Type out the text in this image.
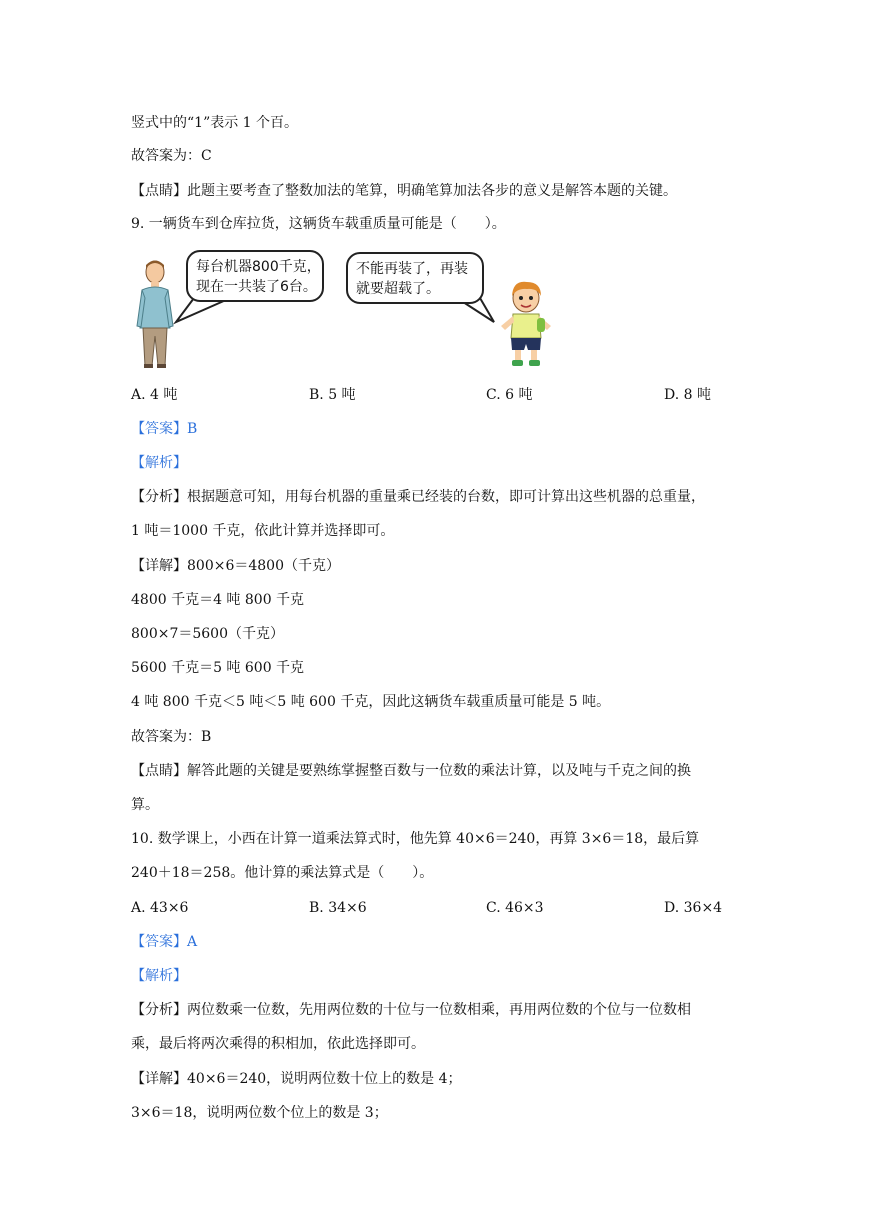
竖式中的“1”表示 1 个百。
故答案为：C
【点睛】此题主要考查了整数加法的笔算，明确笔算加法各步的意义是解答本题的关键。
9. 一辆货车到仓库拉货，这辆货车载重质量可能是（　　）。
每台机器800千克，
现在一共装了6台。
不能再装了，再装
就要超载了。
A. 4 吨	B. 5 吨	C. 6 吨	D. 8 吨
【答案】B
【解析】
【分析】根据题意可知，用每台机器的重量乘已经装的台数，即可计算出这些机器的总重量，
1 吨＝1000 千克，依此计算并选择即可。
【详解】800×6＝4800（千克）
4800 千克＝4 吨 800 千克
800×7＝5600（千克）
5600 千克＝5 吨 600 千克
4 吨 800 千克＜5 吨＜5 吨 600 千克，因此这辆货车载重质量可能是 5 吨。
故答案为：B
【点睛】解答此题的关键是要熟练掌握整百数与一位数的乘法计算，以及吨与千克之间的换
算。
10. 数学课上，小西在计算一道乘法算式时，他先算 40×6＝240，再算 3×6＝18，最后算
240＋18＝258。他计算的乘法算式是（　　）。
A. 43×6	B. 34×6	C. 46×3	D. 36×4
【答案】A
【解析】
【分析】两位数乘一位数，先用两位数的十位与一位数相乘，再用两位数的个位与一位数相
乘，最后将两次乘得的积相加，依此选择即可。
【详解】40×6＝240，说明两位数十位上的数是 4；
3×6＝18，说明两位数个位上的数是 3；
